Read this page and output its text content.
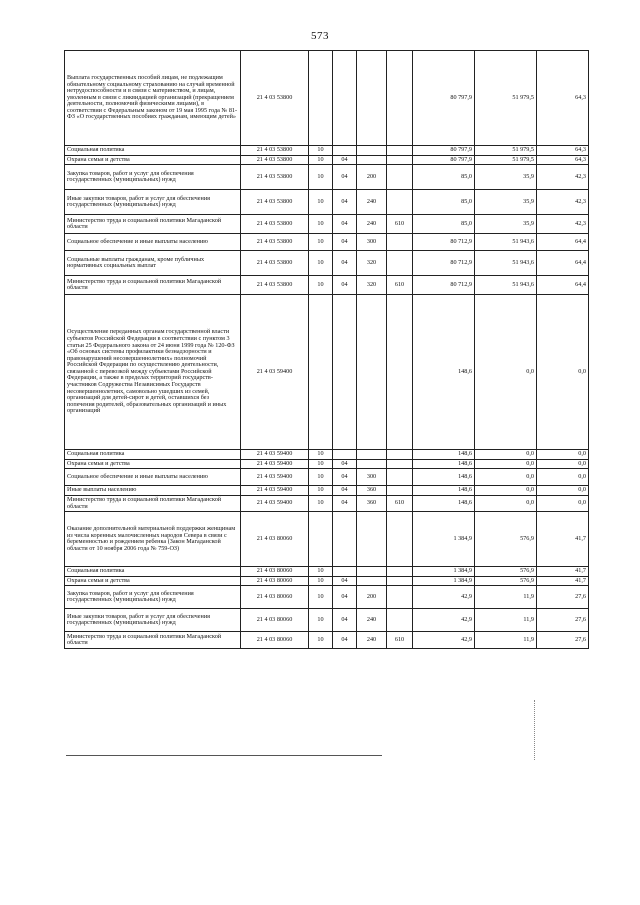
573
Выплата государственных пособий лицам, не подлежащим обязательному социальному страхованию на случай временной нетрудоспособности и в связи с материнством, и лицам, уволенным в связи с ликвидацией организаций (прекращением деятельности, полномочий физическими лицами), в соответствии с Федеральным законом от 19 мая 1995 года № 81-ФЗ «О государственных пособиях гражданам, имеющим детей»	21 4 03 53800					80 797,9	51 979,5	64,3
Социальная политика	21 4 03 53800	10				80 797,9	51 979,5	64,3
Охрана семьи и детства	21 4 03 53800	10	04			80 797,9	51 979,5	64,3
Закупка товаров, работ и услуг для обеспечения государственных (муниципальных) нужд	21 4 03 53800	10	04	200		85,0	35,9	42,3
Иные закупки товаров, работ и услуг для обеспечения государственных (муниципальных) нужд	21 4 03 53800	10	04	240		85,0	35,9	42,3
Министерство труда и социальной политики Магаданской области	21 4 03 53800	10	04	240	610	85,0	35,9	42,3
Социальное обеспечение и иные выплаты населению	21 4 03 53800	10	04	300		80 712,9	51 943,6	64,4
Социальные выплаты гражданам, кроме публичных нормативных социальных выплат	21 4 03 53800	10	04	320		80 712,9	51 943,6	64,4
Министерство труда и социальной политики Магаданской области	21 4 03 53800	10	04	320	610	80 712,9	51 943,6	64,4
Осуществление переданных органам государственной власти субъектов Российской Федерации в соответствии с пунктом 3 статьи 25 Федерального закона от 24 июня 1999 года № 120-ФЗ «Об основах системы профилактики безнадзорности и правонарушений несовершеннолетних» полномочий Российской Федерации по осуществлению деятельности, связанной с перевозкой между субъектами Российской Федерации, а также в пределах территорий государств-участников Содружества Независимых Государств несовершеннолетних, самовольно ушедших из семей, организаций для детей-сирот и детей, оставшихся без попечения родителей, образовательных организаций и иных организаций	21 4 03 59400					148,6	0,0	0,0
Социальная политика	21 4 03 59400	10				148,6	0,0	0,0
Охрана семьи и детства	21 4 03 59400	10	04			148,6	0,0	0,0
Социальное обеспечение и иные выплаты населению	21 4 03 59400	10	04	300		148,6	0,0	0,0
Иные выплаты населению	21 4 03 59400	10	04	360		148,6	0,0	0,0
Министерство труда и социальной политики Магаданской области	21 4 03 59400	10	04	360	610	148,6	0,0	0,0
Оказание дополнительной материальной поддержки женщинам из числа коренных малочисленных народов Севера в связи с беременностью и рождением ребенка (Закон Магаданской области от 10 ноября 2006 года № 759-ОЗ)	21 4 03 80060					1 384,9	576,9	41,7
Социальная политика	21 4 03 80060	10				1 384,9	576,9	41,7
Охрана семьи и детства	21 4 03 80060	10	04			1 384,9	576,9	41,7
Закупка товаров, работ и услуг для обеспечения государственных (муниципальных) нужд	21 4 03 80060	10	04	200		42,9	11,9	27,6
Иные закупки товаров, работ и услуг для обеспечения государственных (муниципальных) нужд	21 4 03 80060	10	04	240		42,9	11,9	27,6
Министерство труда и социальной политики Магаданской области	21 4 03 80060	10	04	240	610	42,9	11,9	27,6
